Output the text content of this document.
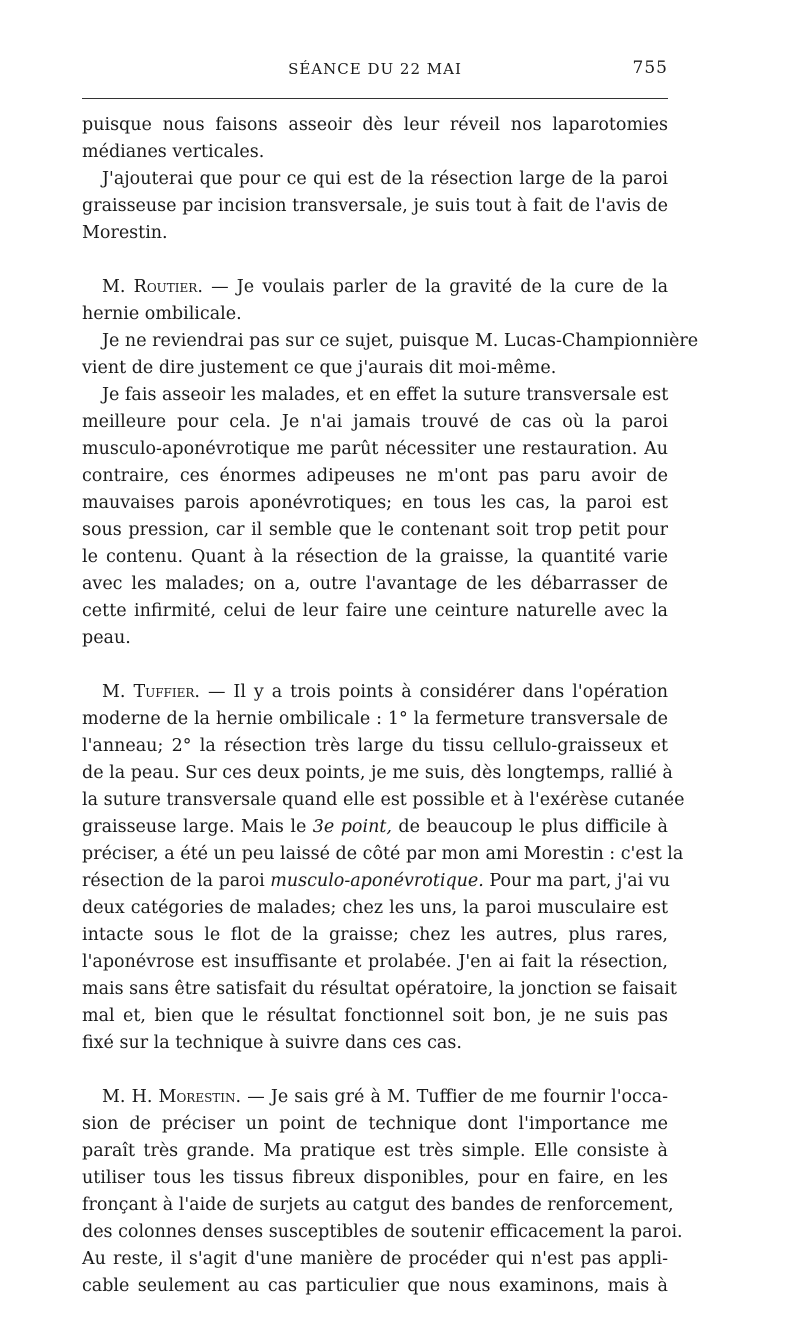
SÉANCE DU 22 MAI	755
puisque nous faisons asseoir dès leur réveil nos laparotomies
médianes verticales.
J'ajouterai que pour ce qui est de la résection large de la paroi
graisseuse par incision transversale, je suis tout à fait de l'avis de
Morestin.
M. Routier. — Je voulais parler de la gravité de la cure de la
hernie ombilicale.
Je ne reviendrai pas sur ce sujet, puisque M. Lucas-Championnière
vient de dire justement ce que j'aurais dit moi-même.
Je fais asseoir les malades, et en effet la suture transversale est
meilleure pour cela. Je n'ai jamais trouvé de cas où la paroi
musculo-aponévrotique me parût nécessiter une restauration. Au
contraire, ces énormes adipeuses ne m'ont pas paru avoir de
mauvaises parois aponévrotiques; en tous les cas, la paroi est
sous pression, car il semble que le contenant soit trop petit pour
le contenu. Quant à la résection de la graisse, la quantité varie
avec les malades; on a, outre l'avantage de les débarrasser de
cette infirmité, celui de leur faire une ceinture naturelle avec la
peau.
M. Tuffier. — Il y a trois points à considérer dans l'opération
moderne de la hernie ombilicale : 1° la fermeture transversale de
l'anneau; 2° la résection très large du tissu cellulo-graisseux et
de la peau. Sur ces deux points, je me suis, dès longtemps, rallié à
la suture transversale quand elle est possible et à l'exérèse cutanée
graisseuse large. Mais le 3e point, de beaucoup le plus difficile à
préciser, a été un peu laissé de côté par mon ami Morestin : c'est la
résection de la paroi musculo-aponévrotique. Pour ma part, j'ai vu
deux catégories de malades; chez les uns, la paroi musculaire est
intacte sous le flot de la graisse; chez les autres, plus rares,
l'aponévrose est insuffisante et prolabée. J'en ai fait la résection,
mais sans être satisfait du résultat opératoire, la jonction se faisait
mal et, bien que le résultat fonctionnel soit bon, je ne suis pas
fixé sur la technique à suivre dans ces cas.
M. H. Morestin. — Je sais gré à M. Tuffier de me fournir l'occa-
sion de préciser un point de technique dont l'importance me
paraît très grande. Ma pratique est très simple. Elle consiste à
utiliser tous les tissus fibreux disponibles, pour en faire, en les
fronçant à l'aide de surjets au catgut des bandes de renforcement,
des colonnes denses susceptibles de soutenir efficacement la paroi.
Au reste, il s'agit d'une manière de procéder qui n'est pas appli-
cable seulement au cas particulier que nous examinons, mais à
